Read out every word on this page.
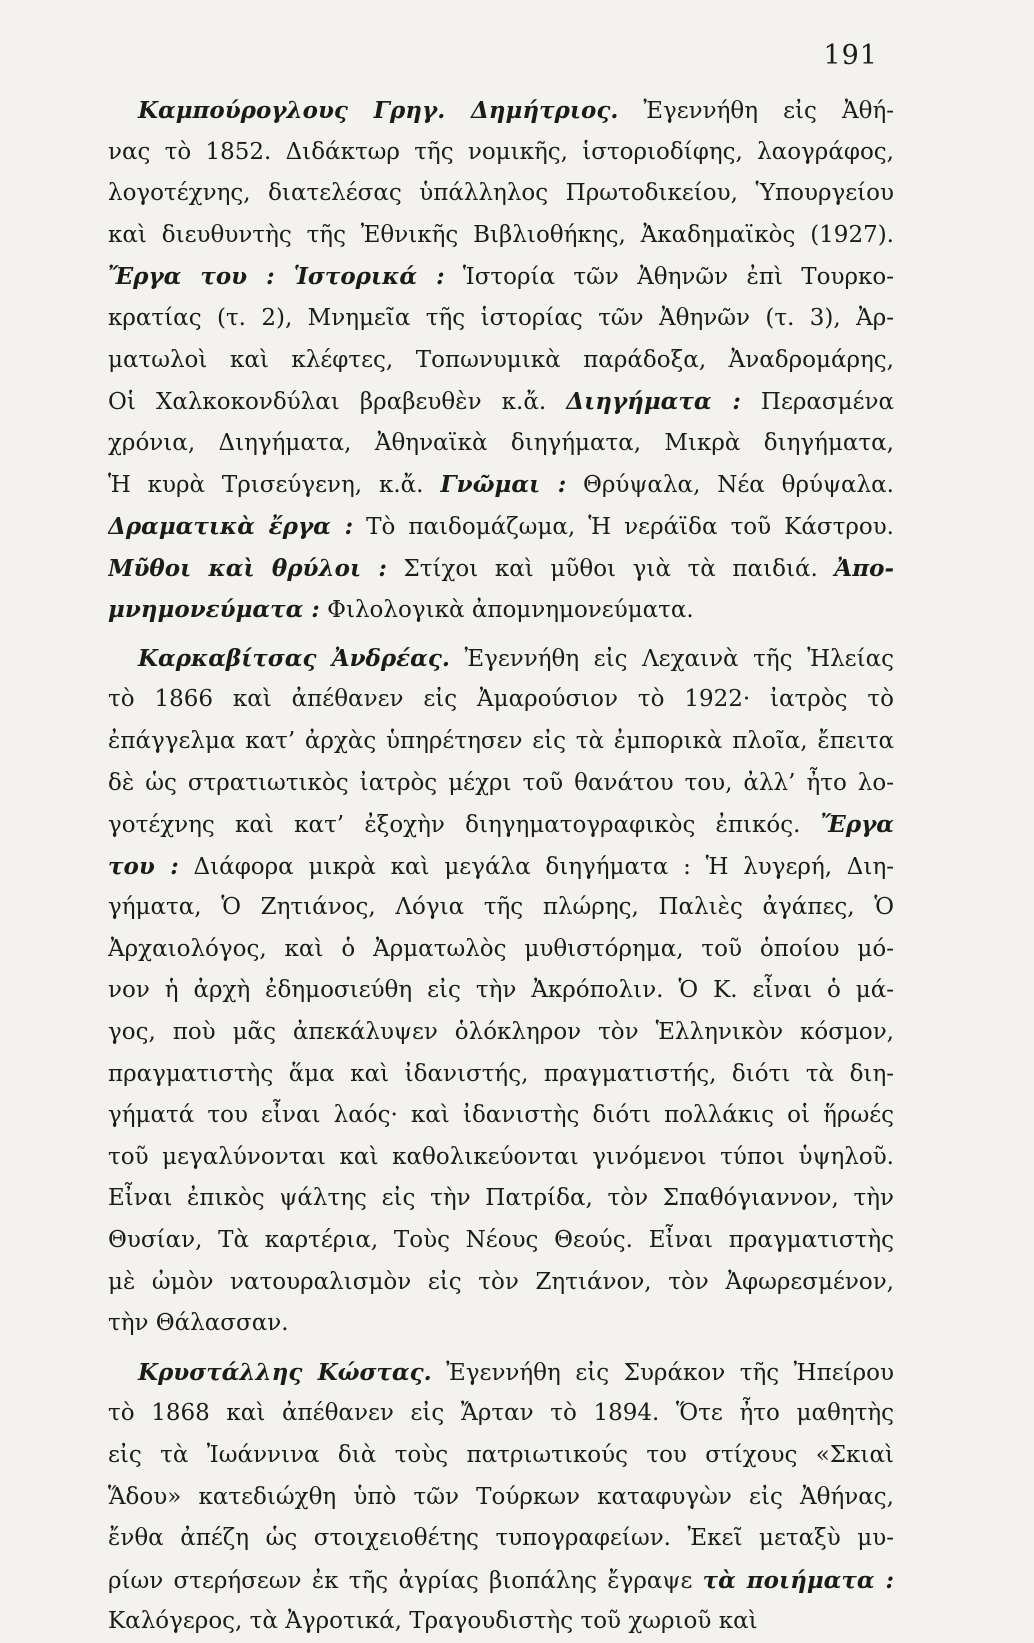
191
Καμπούρογλους Γρηγ. Δημήτριος. Ἐγεννήθη εἰς Ἀθή-
νας τὸ 1852. Διδάκτωρ τῆς νομικῆς, ἱστοριοδίφης, λαογράφος,
λογοτέχνης, διατελέσας ὑπάλληλος Πρωτοδικείου, Ὑπουργείου
καὶ διευθυντὴς τῆς Ἐθνικῆς Βιβλιοθήκης, Ἀκαδημαϊκὸς (1927).
Ἔργα του : Ἱστορικά : Ἱστορία τῶν Ἀθηνῶν ἐπὶ Τουρκο-
κρατίας (τ. 2), Μνημεῖα τῆς ἱστορίας τῶν Ἀθηνῶν (τ. 3), Ἀρ-
ματωλοὶ καὶ κλέφτες, Τοπωνυμικὰ παράδοξα, Ἀναδρομάρης,
Οἱ Χαλκοκονδύλαι βραβευθὲν κ.ἄ. Διηγήματα : Περασμένα
χρόνια, Διηγήματα, Ἀθηναϊκὰ διηγήματα, Μικρὰ διηγήματα,
Ἡ κυρὰ Τρισεύγενη, κ.ἄ. Γνῶμαι : Θρύψαλα, Νέα θρύψαλα.
Δραματικὰ ἔργα : Τὸ παιδομάζωμα, Ἡ νεράϊδα τοῦ Κάστρου.
Μῦθοι καὶ θρύλοι : Στίχοι καὶ μῦθοι γιὰ τὰ παιδιά. Ἀπο-
μνημονεύματα : Φιλολογικὰ ἀπομνημονεύματα.
Καρκαβίτσας Ἀνδρέας. Ἐγεννήθη εἰς Λεχαινὰ τῆς Ἠλείας
τὸ 1866 καὶ ἀπέθανεν εἰς Ἀμαρούσιον τὸ 1922· ἰατρὸς τὸ
ἐπάγγελμα κατ’ ἀρχὰς ὑπηρέτησεν εἰς τὰ ἐμπορικὰ πλοῖα, ἔπειτα
δὲ ὡς στρατιωτικὸς ἰατρὸς μέχρι τοῦ θανάτου του, ἀλλ’ ἦτο λο-
γοτέχνης καὶ κατ’ ἐξοχὴν διηγηματογραφικὸς ἐπικός. Ἔργα
του : Διάφορα μικρὰ καὶ μεγάλα διηγήματα : Ἡ λυγερή, Διη-
γήματα, Ὁ Ζητιάνος, Λόγια τῆς πλώρης, Παλιὲς ἀγάπες, Ὁ
Ἀρχαιολόγος, καὶ ὁ Ἀρματωλὸς μυθιστόρημα, τοῦ ὁποίου μό-
νον ἡ ἀρχὴ ἐδημοσιεύθη εἰς τὴν Ἀκρόπολιν. Ὁ Κ. εἶναι ὁ μά-
γος, ποὺ μᾶς ἀπεκάλυψεν ὁλόκληρον τὸν Ἑλληνικὸν κόσμον,
πραγματιστὴς ἅμα καὶ ἰδανιστής, πραγματιστής, διότι τὰ διη-
γήματά του εἶναι λαός· καὶ ἰδανιστὴς διότι πολλάκις οἱ ἥρωές
τοῦ μεγαλύνονται καὶ καθολικεύονται γινόμενοι τύποι ὑψηλοῦ.
Εἶναι ἐπικὸς ψάλτης εἰς τὴν Πατρίδα, τὸν Σπαθόγιαννον, τὴν
Θυσίαν, Τὰ καρτέρια, Τοὺς Νέους Θεούς. Εἶναι πραγματιστὴς
μὲ ὠμὸν νατουραλισμὸν εἰς τὸν Ζητιάνον, τὸν Ἀφωρεσμένον,
τὴν Θάλασσαν.
Κρυστάλλης Κώστας. Ἐγεννήθη εἰς Συράκον τῆς Ἠπείρου
τὸ 1868 καὶ ἀπέθανεν εἰς Ἄρταν τὸ 1894. Ὅτε ἦτο μαθητὴς
εἰς τὰ Ἰωάννινα διὰ τοὺς πατριωτικούς του στίχους «Σκιαὶ
Ἅδου» κατεδιώχθη ὑπὸ τῶν Τούρκων καταφυγὼν εἰς Ἀθήνας,
ἔνθα ἀπέζη ὡς στοιχειοθέτης τυπογραφείων. Ἐκεῖ μεταξὺ μυ-
ρίων στερήσεων ἐκ τῆς ἀγρίας βιοπάλης ἔγραψε τὰ ποιήματα :
Καλόγερος, τὰ Ἀγροτικά, Τραγουδιστὴς τοῦ χωριοῦ καὶ
